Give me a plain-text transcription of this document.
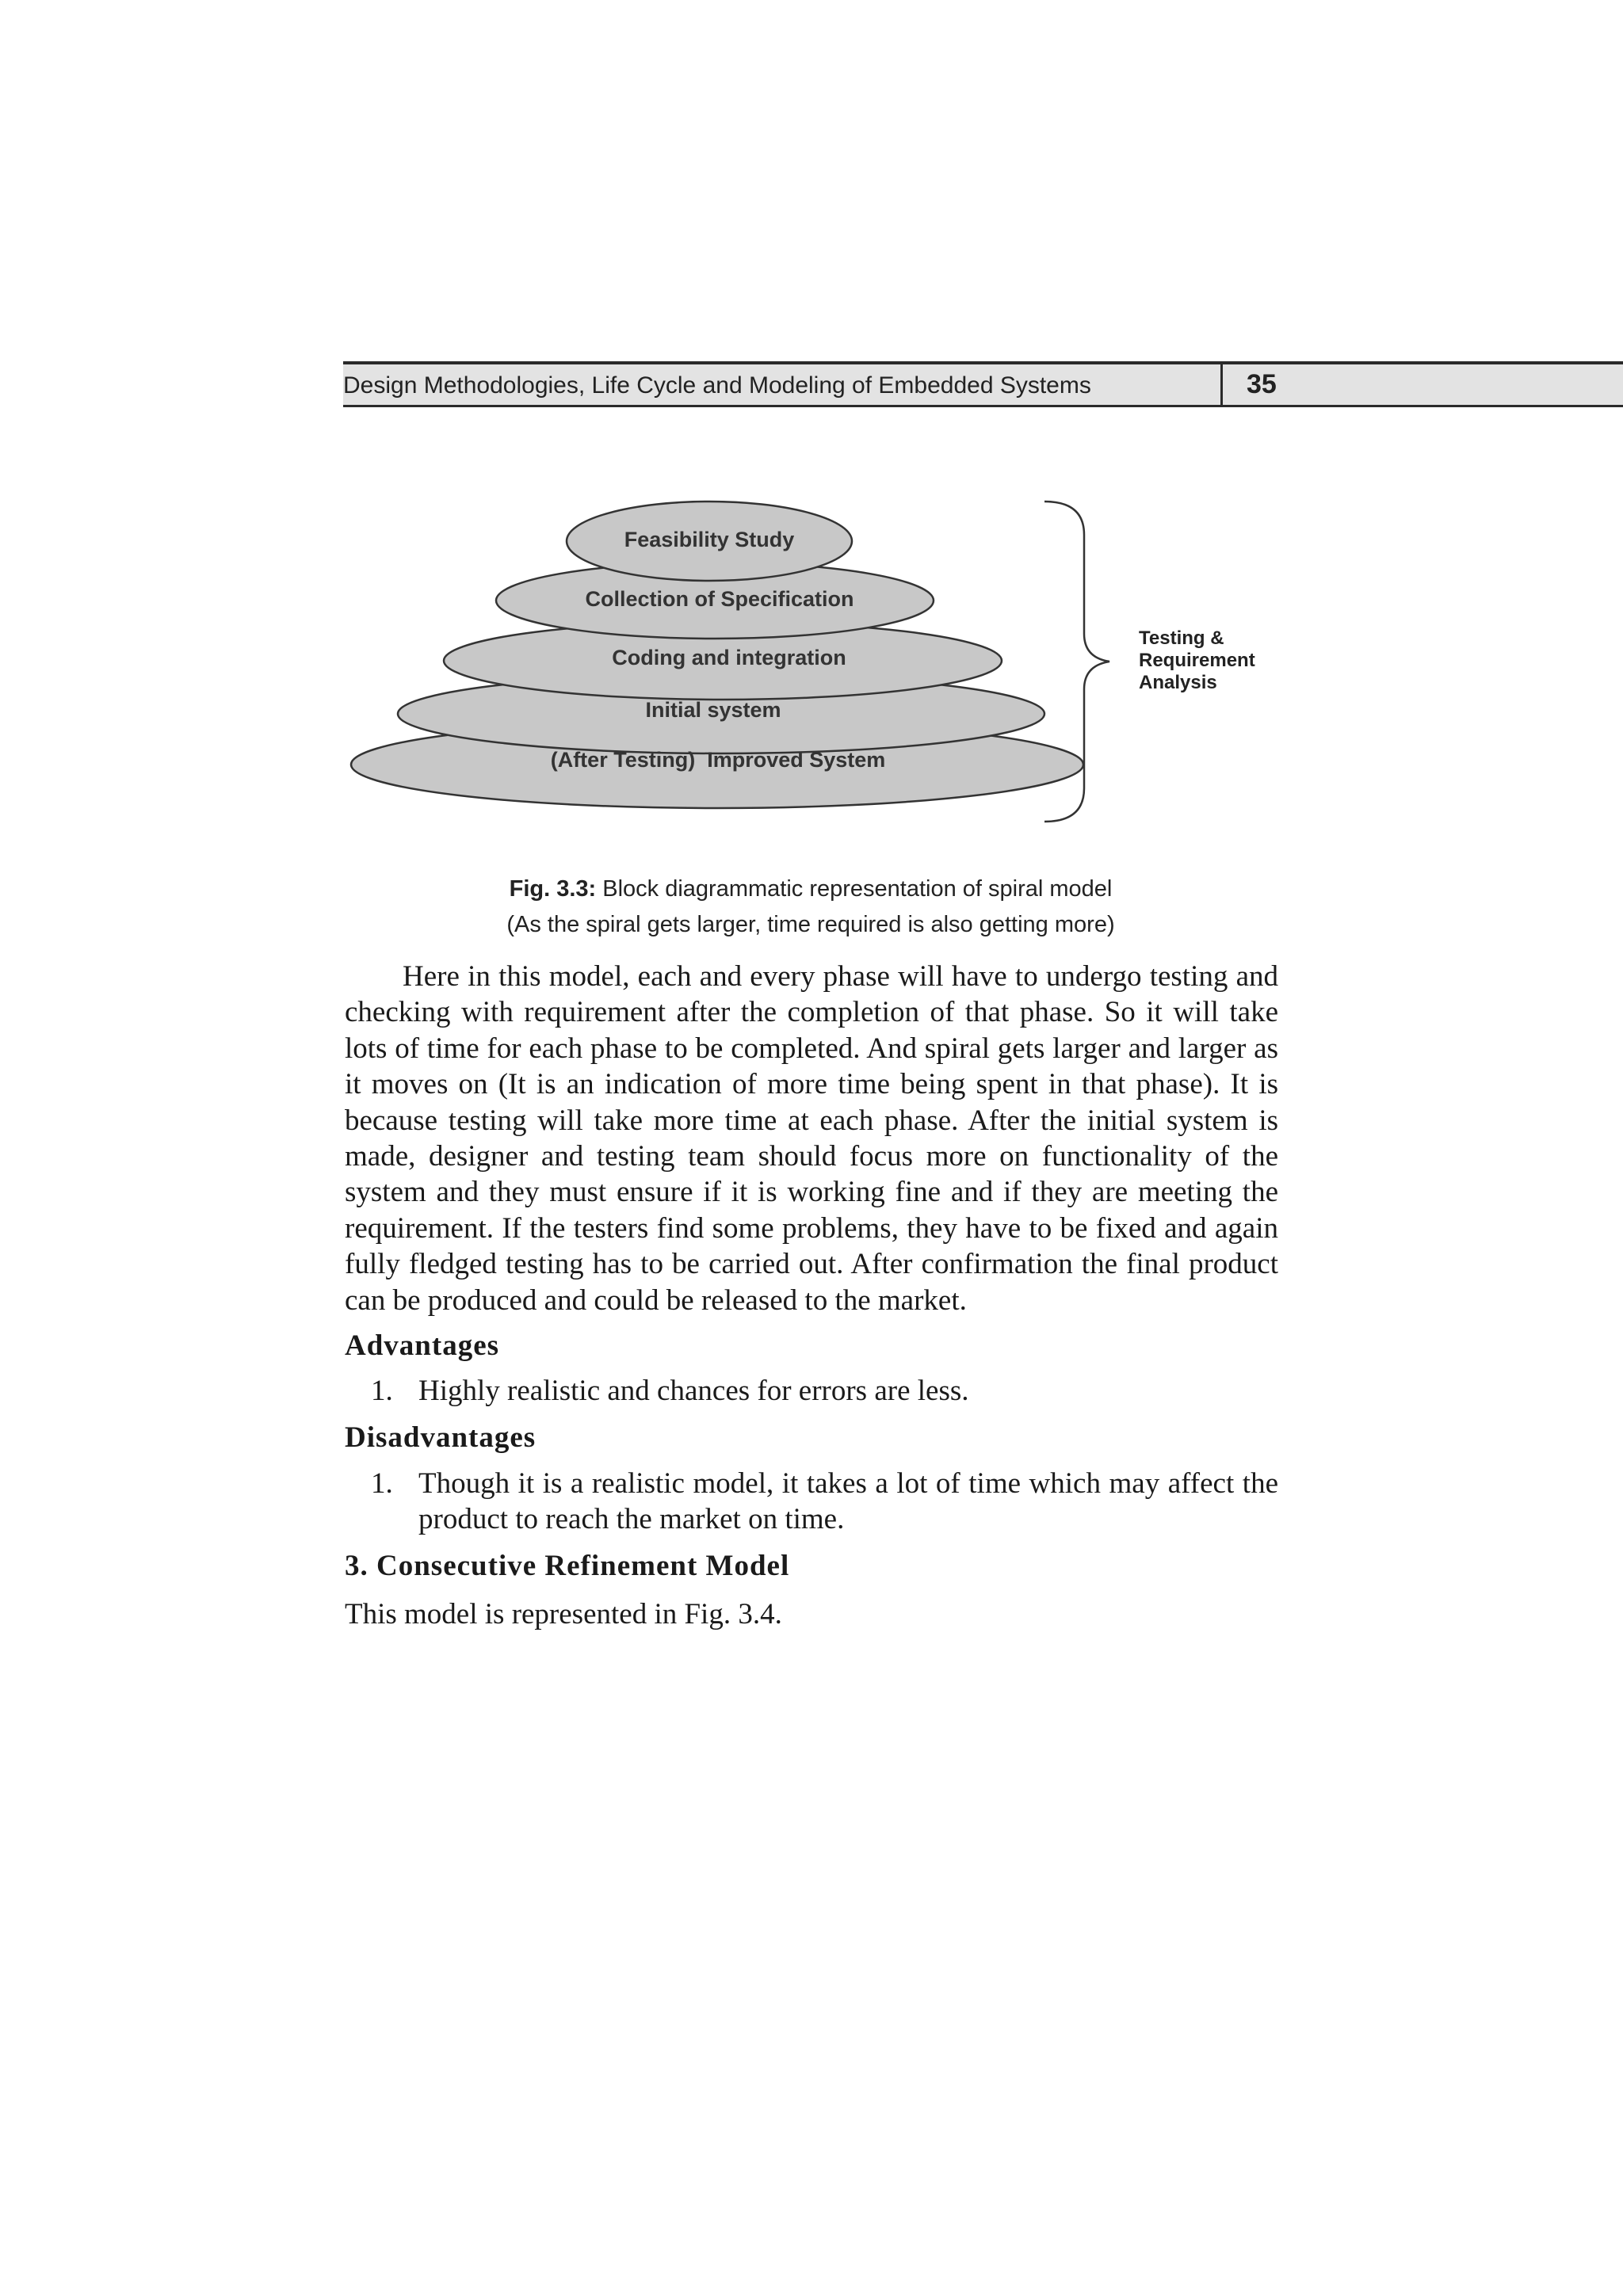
Design Methodologies, Life Cycle and Modeling of Embedded Systems	35
Feasibility Study
Collection of Specification
Coding and integration
Initial system
(After Testing)  Improved System
Testing &
Requirement
Analysis
Fig. 3.3: Block diagrammatic representation of spiral model
(As the spiral gets larger, time required is also getting more)

Here in this model, each and every phase will have to undergo testing and checking with requirement after the completion of that phase. So it will take lots of time for each phase to be completed. And spiral gets larger and larger as it moves on (It is an indication of more time being spent in that phase). It is because testing will take more time at each phase. After the initial system is made, designer and testing team should focus more on functionality of the system and they must ensure if it is working fine and if they are meeting the requirement. If the testers find some problems, they have to be fixed and again fully fledged testing has to be carried out. After confirmation the final product can be produced and could be released to the market.

Advantages
1. Highly realistic and chances for errors are less.
Disadvantages
1. Though it is a realistic model, it takes a lot of time which may affect the product to reach the market on time.
3. Consecutive Refinement Model
This model is represented in Fig. 3.4.
